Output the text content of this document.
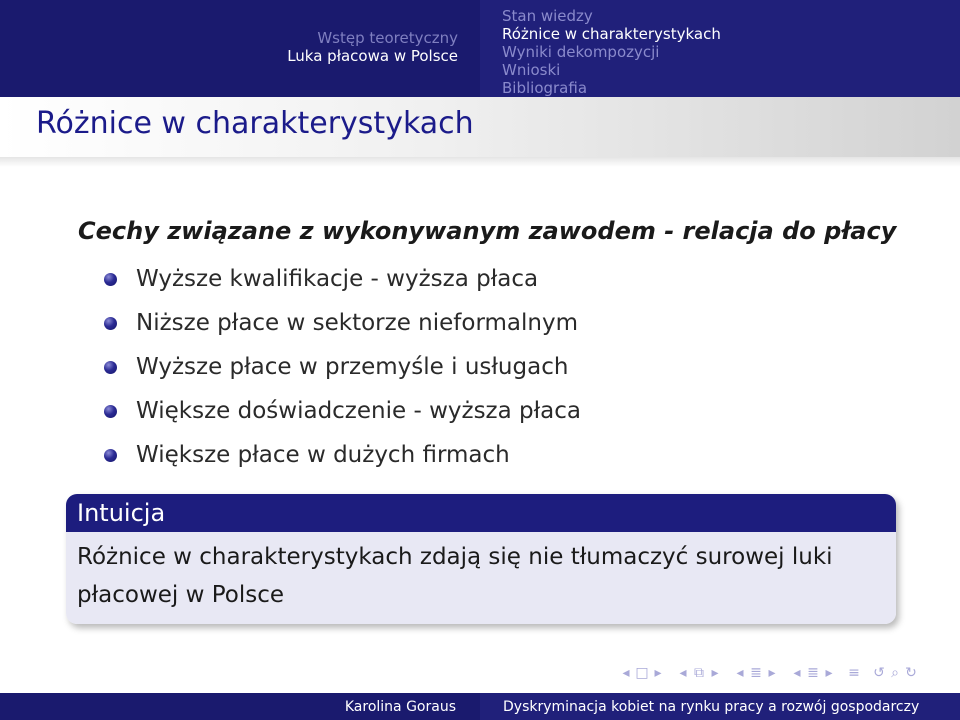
Wstęp teoretyczny
Luka płacowa w Polsce
Stan wiedzy
Różnice w charakterystykach
Wyniki dekompozycji
Wnioski
Bibliografia
Różnice w charakterystykach
Cechy związane z wykonywanym zawodem - relacja do płacy
Wyższe kwalifikacje - wyższa płaca
Niższe płace w sektorze nieformalnym
Wyższe płace w przemyśle i usługach
Większe doświadczenie - wyższa płaca
Większe płace w dużych firmach
Intuicja
Różnice w charakterystykach zdają się nie tłumaczyć surowej luki płacowej w Polsce
◂ □ ▸	◂ ⧉ ▸	◂ ≣ ▸	◂ ≣ ▸	≡ ↺ ⌕ ↻
Karolina Goraus	Dyskryminacja kobiet na rynku pracy a rozwój gospodarczy
